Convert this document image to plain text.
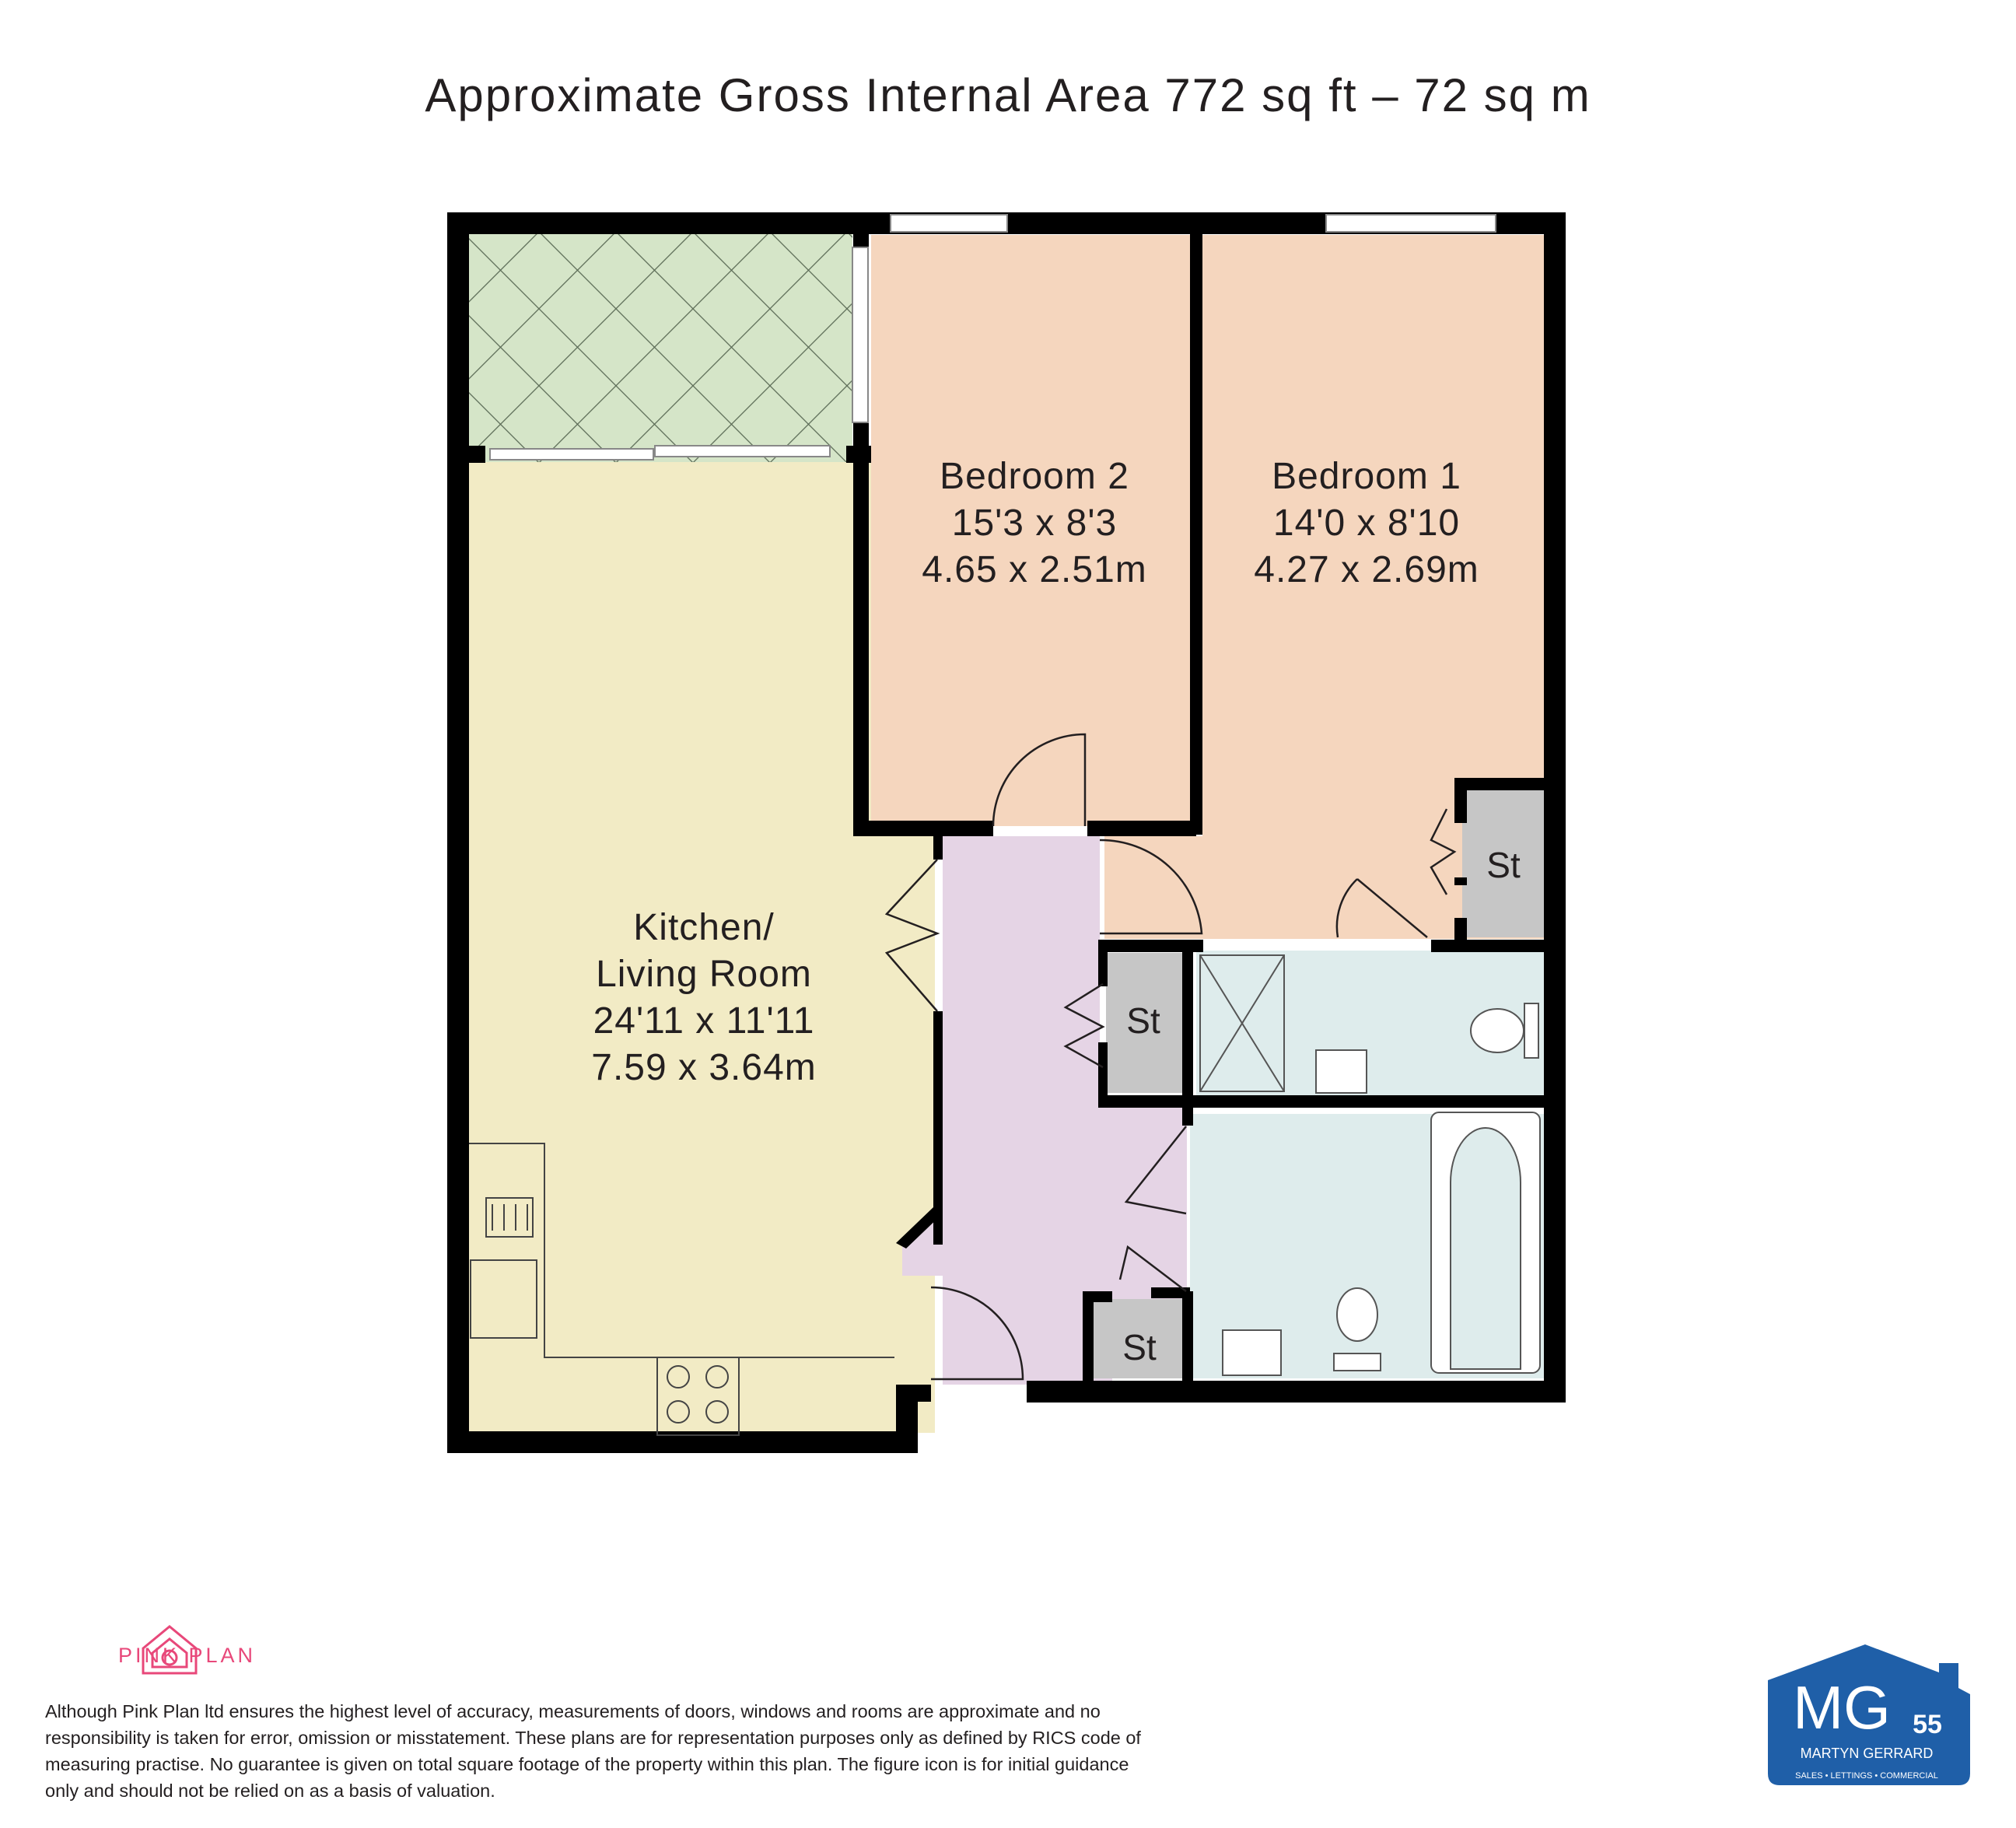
Approximate Gross Internal Area 772 sq ft – 72 sq m
Bedroom 2
15'3 x 8'3
4.65 x 2.51m
Bedroom 1
14'0 x 8'10
4.27 x 2.69m
Kitchen/
Living Room
24'11 x 11'11
7.59 x 3.64m
St
St
St
PINK PLAN
Although Pink Plan ltd ensures the highest level of accuracy, measurements of doors, windows and rooms are approximate and no responsibility is taken for error, omission or misstatement. These plans are for representation purposes only as defined by RICS code of measuring practise. No guarantee is given on total square footage of the property within this plan. The figure icon is for initial guidance only and should not be relied on as a basis of valuation.
MG 55
MARTYN GERRARD
SALES • LETTINGS • COMMERCIAL
